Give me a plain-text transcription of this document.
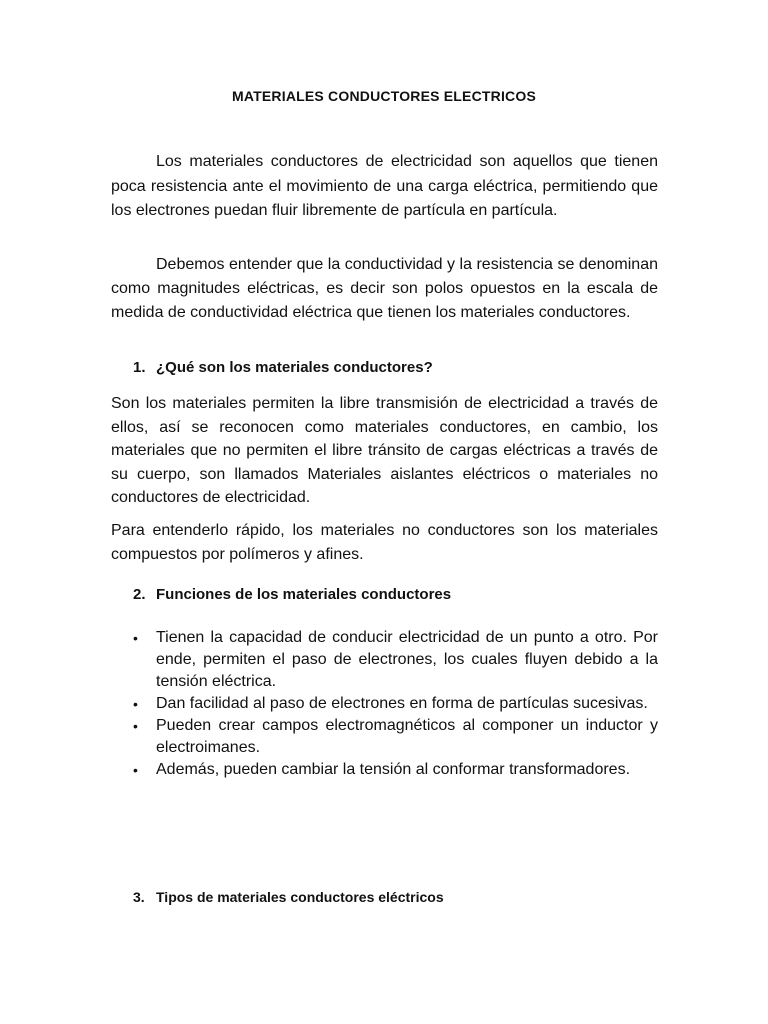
MATERIALES CONDUCTORES ELECTRICOS

Los materiales conductores de electricidad son aquellos que tienen poca resistencia ante el movimiento de una carga eléctrica, permitiendo que los electrones puedan fluir libremente de partícula en partícula.

Debemos entender que la conductividad y la resistencia se denominan como magnitudes eléctricas, es decir son polos opuestos en la escala de medida de conductividad eléctrica que tienen los materiales conductores.

1. ¿Qué son los materiales conductores?

Son los materiales permiten la libre transmisión de electricidad a través de ellos, así se reconocen como materiales conductores, en cambio, los materiales que no permiten el libre tránsito de cargas eléctricas a través de su cuerpo, son llamados Materiales aislantes eléctricos o materiales no conductores de electricidad.

Para entenderlo rápido, los materiales no conductores son los materiales compuestos por polímeros y afines.

2. Funciones de los materiales conductores
• Tienen la capacidad de conducir electricidad de un punto a otro. Por ende, permiten el paso de electrones, los cuales fluyen debido a la tensión eléctrica.
• Dan facilidad al paso de electrones en forma de partículas sucesivas.
• Pueden crear campos electromagnéticos al componer un inductor y electroimanes.
• Además, pueden cambiar la tensión al conformar transformadores.
3. Tipos de materiales conductores eléctricos
